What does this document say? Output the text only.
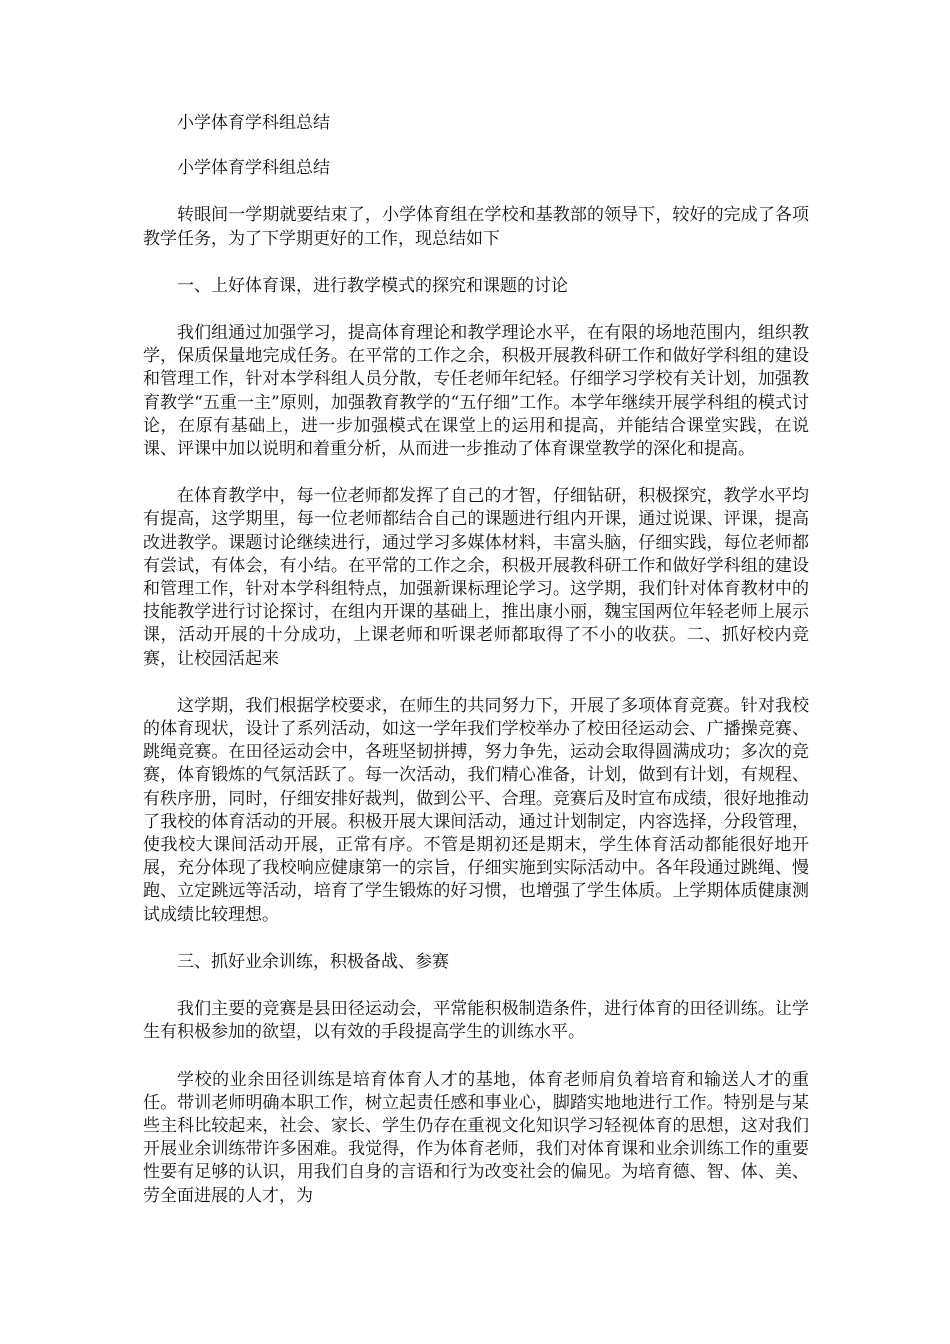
小学体育学科组总结

小学体育学科组总结

转眼间一学期就要结束了，小学体育组在学校和基教部的领导下，较好的完成了各项教学任务，为了下学期更好的工作，现总结如下

一、上好体育课，进行教学模式的探究和课题的讨论

我们组通过加强学习，提高体育理论和教学理论水平，在有限的场地范围内，组织教学，保质保量地完成任务。在平常的工作之余，积极开展教科研工作和做好学科组的建设和管理工作，针对本学科组人员分散，专任老师年纪轻。仔细学习学校有关计划，加强教育教学“五重一主”原则，加强教育教学的“五仔细”工作。本学年继续开展学科组的模式讨论，在原有基础上，进一步加强模式在课堂上的运用和提高，并能结合课堂实践，在说课、评课中加以说明和着重分析，从而进一步推动了体育课堂教学的深化和提高。

在体育教学中，每一位老师都发挥了自己的才智，仔细钻研，积极探究，教学水平均有提高，这学期里，每一位老师都结合自己的课题进行组内开课，通过说课、评课，提高改进教学。课题讨论继续进行，通过学习多媒体材料，丰富头脑，仔细实践，每位老师都有尝试，有体会，有小结。在平常的工作之余，积极开展教科研工作和做好学科组的建设和管理工作，针对本学科组特点，加强新课标理论学习。这学期，我们针对体育教材中的技能教学进行讨论探讨，在组内开课的基础上，推出康小丽，魏宝国两位年轻老师上展示课，活动开展的十分成功，上课老师和听课老师都取得了不小的收获。二、抓好校内竞赛，让校园活起来

这学期，我们根据学校要求，在师生的共同努力下，开展了多项体育竞赛。针对我校的体育现状，设计了系列活动，如这一学年我们学校举办了校田径运动会、广播操竞赛、跳绳竞赛。在田径运动会中，各班坚韧拼搏，努力争先，运动会取得圆满成功；多次的竞赛，体育锻炼的气氛活跃了。每一次活动，我们精心准备，计划，做到有计划，有规程、有秩序册，同时，仔细安排好裁判，做到公平、合理。竞赛后及时宣布成绩，很好地推动了我校的体育活动的开展。积极开展大课间活动，通过计划制定，内容选择，分段管理，使我校大课间活动开展，正常有序。不管是期初还是期末，学生体育活动都能很好地开展，充分体现了我校响应健康第一的宗旨，仔细实施到实际活动中。各年段通过跳绳、慢跑、立定跳远等活动，培育了学生锻炼的好习惯，也增强了学生体质。上学期体质健康测试成绩比较理想。

三、抓好业余训练，积极备战、参赛

我们主要的竞赛是县田径运动会，平常能积极制造条件，进行体育的田径训练。让学生有积极参加的欲望，以有效的手段提高学生的训练水平。

学校的业余田径训练是培育体育人才的基地，体育老师肩负着培育和输送人才的重任。带训老师明确本职工作，树立起责任感和事业心，脚踏实地地进行工作。特别是与某些主科比较起来，社会、家长、学生仍存在重视文化知识学习轻视体育的思想，这对我们开展业余训练带许多困难。我觉得，作为体育老师，我们对体育课和业余训练工作的重要性要有足够的认识，用我们自身的言语和行为改变社会的偏见。为培育德、智、体、美、劳全面进展的人才，为
